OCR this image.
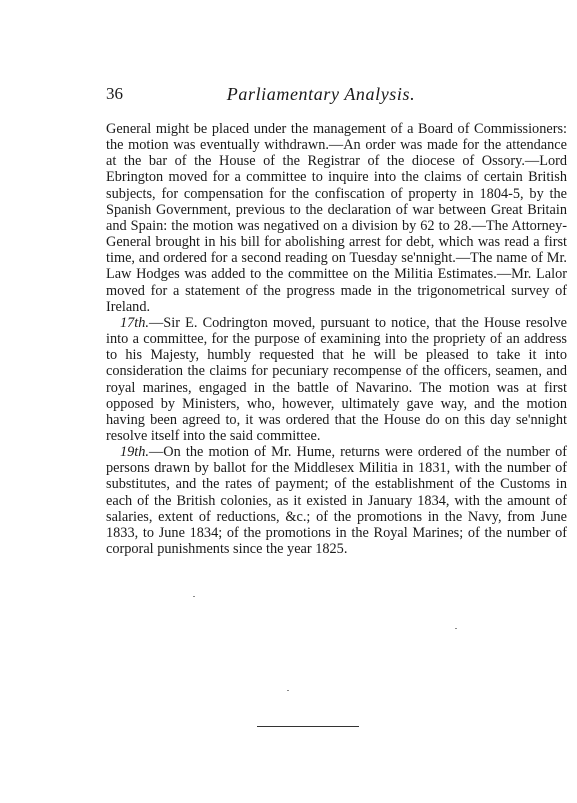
36	Parliamentary Analysis.

General might be placed under the management of a Board of Commissioners: the motion was eventually withdrawn.—An order was made for the attendance at the bar of the House of the Registrar of the diocese of Ossory.—Lord Ebrington moved for a committee to inquire into the claims of certain British subjects, for compensation for the confiscation of property in 1804-5, by the Spanish Government, previous to the declaration of war between Great Britain and Spain: the motion was negatived on a division by 62 to 28.—The Attorney-General brought in his bill for abolishing arrest for debt, which was read a first time, and ordered for a second reading on Tuesday se'nnight.—The name of Mr. Law Hodges was added to the committee on the Militia Estimates.—Mr. Lalor moved for a statement of the progress made in the trigonometrical survey of Ireland.

17th.—Sir E. Codrington moved, pursuant to notice, that the House resolve into a committee, for the purpose of examining into the propriety of an address to his Majesty, humbly requested that he will be pleased to take it into consideration the claims for pecuniary recompense of the officers, seamen, and royal marines, engaged in the battle of Navarino. The motion was at first opposed by Ministers, who, however, ultimately gave way, and the motion having been agreed to, it was ordered that the House do on this day se'nnight resolve itself into the said committee.

19th.—On the motion of Mr. Hume, returns were ordered of the number of persons drawn by ballot for the Middlesex Militia in 1831, with the number of substitutes, and the rates of payment; of the establishment of the Customs in each of the British colonies, as it existed in January 1834, with the amount of salaries, extent of reductions, &c.; of the promotions in the Navy, from June 1833, to June 1834; of the promotions in the Royal Marines; of the number of corporal punishments since the year 1825.
